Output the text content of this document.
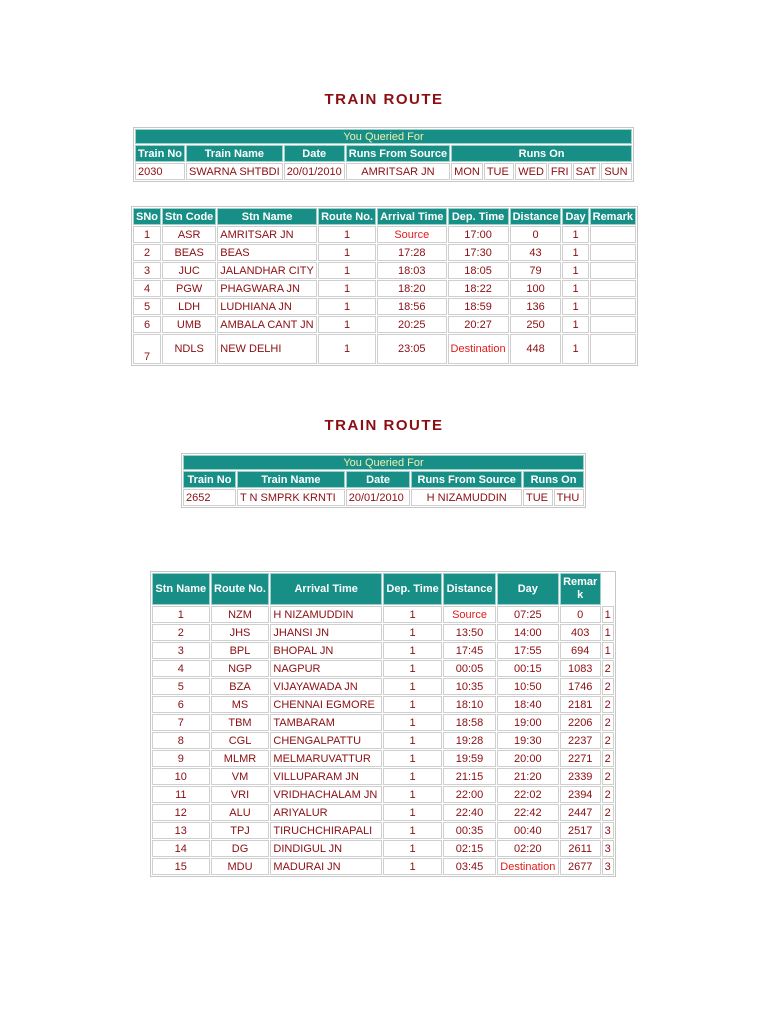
TRAIN ROUTE
You Queried For									
Train No	Train Name	Date	Runs From Source	Runs On					
2030	SWARNA SHTBDI	20/01/2010	AMRITSAR JN	MON	TUE	WED	FRI	SAT	SUN
SNo	Stn Code	Stn Name	Route No.	Arrival Time	Dep. Time	Distance	Day	Remark
1	ASR	AMRITSAR JN	1	Source	17:00	0	1	
2	BEAS	BEAS	1	17:28	17:30	43	1	
3	JUC	JALANDHAR CITY	1	18:03	18:05	79	1	
4	PGW	PHAGWARA JN	1	18:20	18:22	100	1	
5	LDH	LUDHIANA JN	1	18:56	18:59	136	1	
6	UMB	AMBALA CANT JN	1	20:25	20:27	250	1	
7	NDLS	NEW DELHI	1	23:05	Destination	448	1	
TRAIN ROUTE
You Queried For					
Train No	Train Name	Date	Runs From Source	Runs On	
2652	T N SMPRK KRNTI	20/01/2010	H NIZAMUDDIN	TUE	THU
Stn Name	Route No.	Arrival Time	Dep. Time	Distance	Day	Remar
k	
1	NZM	H NIZAMUDDIN	1	Source	07:25	0	1
2	JHS	JHANSI JN	1	13:50	14:00	403	1
3	BPL	BHOPAL JN	1	17:45	17:55	694	1
4	NGP	NAGPUR	1	00:05	00:15	1083	2
5	BZA	VIJAYAWADA JN	1	10:35	10:50	1746	2
6	MS	CHENNAI EGMORE	1	18:10	18:40	2181	2
7	TBM	TAMBARAM	1	18:58	19:00	2206	2
8	CGL	CHENGALPATTU	1	19:28	19:30	2237	2
9	MLMR	MELMARUVATTUR	1	19:59	20:00	2271	2
10	VM	VILLUPARAM JN	1	21:15	21:20	2339	2
11	VRI	VRIDHACHALAM JN	1	22:00	22:02	2394	2
12	ALU	ARIYALUR	1	22:40	22:42	2447	2
13	TPJ	TIRUCHCHIRAPALI	1	00:35	00:40	2517	3
14	DG	DINDIGUL JN	1	02:15	02:20	2611	3
15	MDU	MADURAI JN	1	03:45	Destination	2677	3
